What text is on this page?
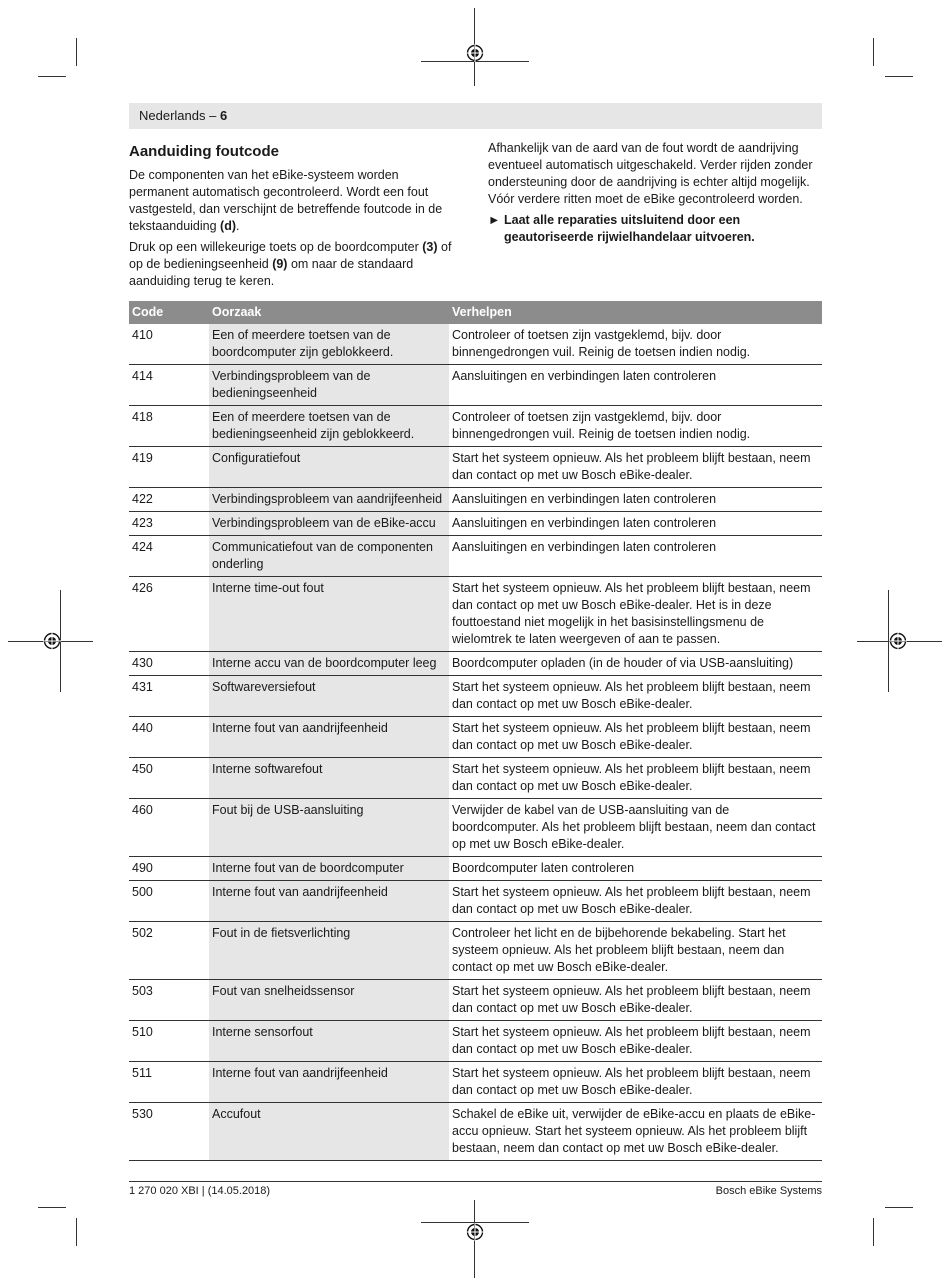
Nederlands – 6
Aanduiding foutcode

De componenten van het eBike-systeem worden permanent automatisch gecontroleerd. Wordt een fout vastgesteld, dan verschijnt de betreffende foutcode in de tekstaanduiding (d).

Druk op een willekeurige toets op de boordcomputer (3) of op de bedieningseenheid (9) om naar de standaard aanduiding terug te keren.

Afhankelijk van de aard van de fout wordt de aandrijving eventueel automatisch uitgeschakeld. Verder rijden zonder ondersteuning door de aandrijving is echter altijd mogelijk. Vóór verdere ritten moet de eBike gecontroleerd worden.

► Laat alle reparaties uitsluitend door een geautoriseerde rijwielhandelaar uitvoeren.
Code	Oorzaak	Verhelpen
410	Een of meerdere toetsen van de boordcomputer zijn geblokkeerd.	Controleer of toetsen zijn vastgeklemd, bijv. door binnengedrongen vuil. Reinig de toetsen indien nodig.
414	Verbindingsprobleem van de bedieningseenheid	Aansluitingen en verbindingen laten controleren
418	Een of meerdere toetsen van de bedieningseenheid zijn geblokkeerd.	Controleer of toetsen zijn vastgeklemd, bijv. door binnengedrongen vuil. Reinig de toetsen indien nodig.
419	Configuratiefout	Start het systeem opnieuw. Als het probleem blijft bestaan, neem dan contact op met uw Bosch eBike-dealer.
422	Verbindingsprobleem van aandrijfeenheid	Aansluitingen en verbindingen laten controleren
423	Verbindingsprobleem van de eBike-accu	Aansluitingen en verbindingen laten controleren
424	Communicatiefout van de componenten onderling	Aansluitingen en verbindingen laten controleren
426	Interne time-out fout	Start het systeem opnieuw. Als het probleem blijft bestaan, neem dan contact op met uw Bosch eBike-dealer. Het is in deze fouttoestand niet mogelijk in het basisinstellingsmenu de wielomtrek te laten weergeven of aan te passen.
430	Interne accu van de boordcomputer leeg	Boordcomputer opladen (in de houder of via USB-aansluiting)
431	Softwareversiefout	Start het systeem opnieuw. Als het probleem blijft bestaan, neem dan contact op met uw Bosch eBike-dealer.
440	Interne fout van aandrijfeenheid	Start het systeem opnieuw. Als het probleem blijft bestaan, neem dan contact op met uw Bosch eBike-dealer.
450	Interne softwarefout	Start het systeem opnieuw. Als het probleem blijft bestaan, neem dan contact op met uw Bosch eBike-dealer.
460	Fout bij de USB-aansluiting	Verwijder de kabel van de USB-aansluiting van de boordcomputer. Als het probleem blijft bestaan, neem dan contact op met uw Bosch eBike-dealer.
490	Interne fout van de boordcomputer	Boordcomputer laten controleren
500	Interne fout van aandrijfeenheid	Start het systeem opnieuw. Als het probleem blijft bestaan, neem dan contact op met uw Bosch eBike-dealer.
502	Fout in de fietsverlichting	Controleer het licht en de bijbehorende bekabeling. Start het systeem opnieuw. Als het probleem blijft bestaan, neem dan contact op met uw Bosch eBike-dealer.
503	Fout van snelheidssensor	Start het systeem opnieuw. Als het probleem blijft bestaan, neem dan contact op met uw Bosch eBike-dealer.
510	Interne sensorfout	Start het systeem opnieuw. Als het probleem blijft bestaan, neem dan contact op met uw Bosch eBike-dealer.
511	Interne fout van aandrijfeenheid	Start het systeem opnieuw. Als het probleem blijft bestaan, neem dan contact op met uw Bosch eBike-dealer.
530	Accufout	Schakel de eBike uit, verwijder de eBike-accu en plaats de eBike-accu opnieuw. Start het systeem opnieuw. Als het probleem blijft bestaan, neem dan contact op met uw Bosch eBike-dealer.
1 270 020 XBI | (14.05.2018)	Bosch eBike Systems
